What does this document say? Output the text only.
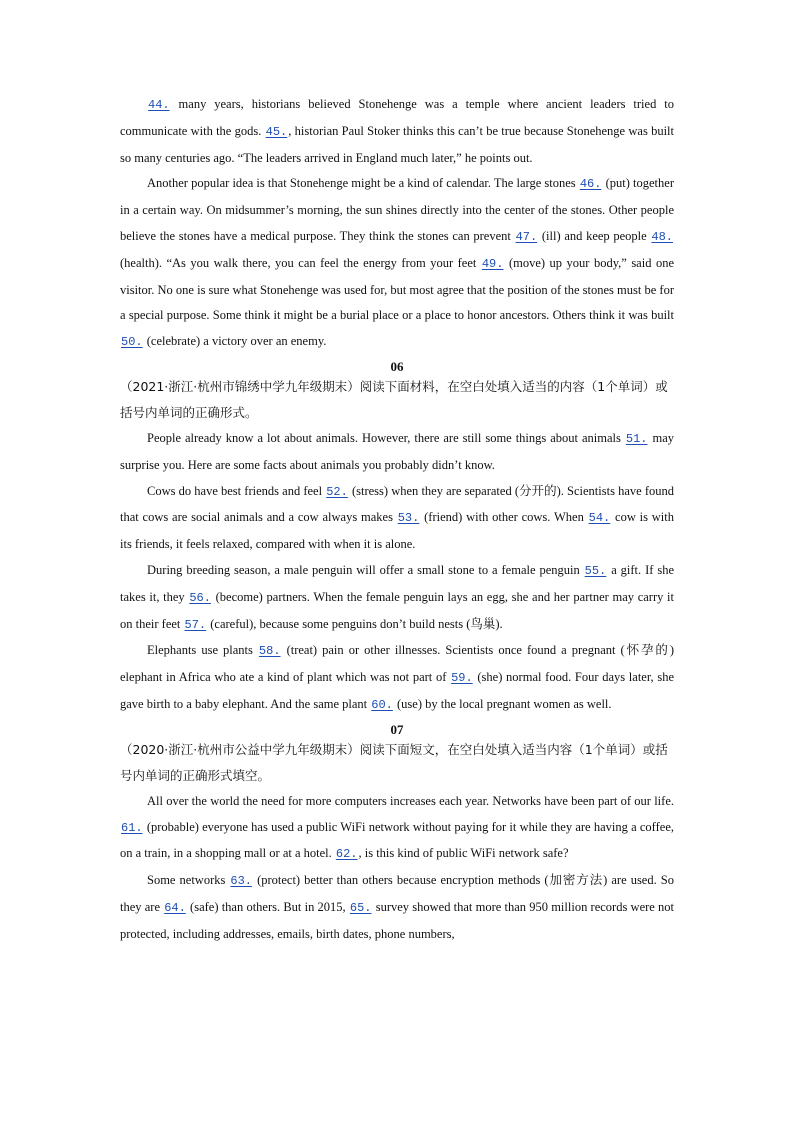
44. many years, historians believed Stonehenge was a temple where ancient leaders tried to communicate with the gods. 45., historian Paul Stoker thinks this can’t be true because Stonehenge was built so many centuries ago. “The leaders arrived in England much later,” he points out.

Another popular idea is that Stonehenge might be a kind of calendar. The large stones 46. (put) together in a certain way. On midsummer’s morning, the sun shines directly into the center of the stones. Other people believe the stones have a medical purpose. They think the stones can prevent 47. (ill) and keep people 48. (health). “As you walk there, you can feel the energy from your feet 49. (move) up your body,” said one visitor. No one is sure what Stonehenge was used for, but most agree that the position of the stones must be for a special purpose. Some think it might be a burial place or a place to honor ancestors. Others think it was built 50. (celebrate) a victory over an enemy.

06

（2021·浙江·杭州市锦绣中学九年级期末）阅读下面材料，在空白处填入适当的内容（1个单词）或括号内单词的正确形式。

People already know a lot about animals. However, there are still some things about animals 51. may surprise you. Here are some facts about animals you probably didn’t know.

Cows do have best friends and feel 52. (stress) when they are separated (分开的). Scientists have found that cows are social animals and a cow always makes 53. (friend) with other cows. When 54. cow is with its friends, it feels relaxed, compared with when it is alone.

During breeding season, a male penguin will offer a small stone to a female penguin 55. a gift. If she takes it, they 56. (become) partners. When the female penguin lays an egg, she and her partner may carry it on their feet 57. (careful), because some penguins don’t build nests (鸟巢).

Elephants use plants 58. (treat) pain or other illnesses. Scientists once found a pregnant (怀孕的) elephant in Africa who ate a kind of plant which was not part of 59. (she) normal food. Four days later, she gave birth to a baby elephant. And the same plant 60. (use) by the local pregnant women as well.

07

（2020·浙江·杭州市公益中学九年级期末）阅读下面短文，在空白处填入适当内容（1个单词）或括号内单词的正确形式填空。

All over the world the need for more computers increases each year. Networks have been part of our life. 61. (probable) everyone has used a public WiFi network without paying for it while they are having a coffee, on a train, in a shopping mall or at a hotel. 62., is this kind of public WiFi network safe?

Some networks 63. (protect) better than others because encryption methods (加密方法) are used. So they are 64. (safe) than others. But in 2015, 65. survey showed that more than 950 million records were not protected, including addresses, emails, birth dates, phone numbers,
